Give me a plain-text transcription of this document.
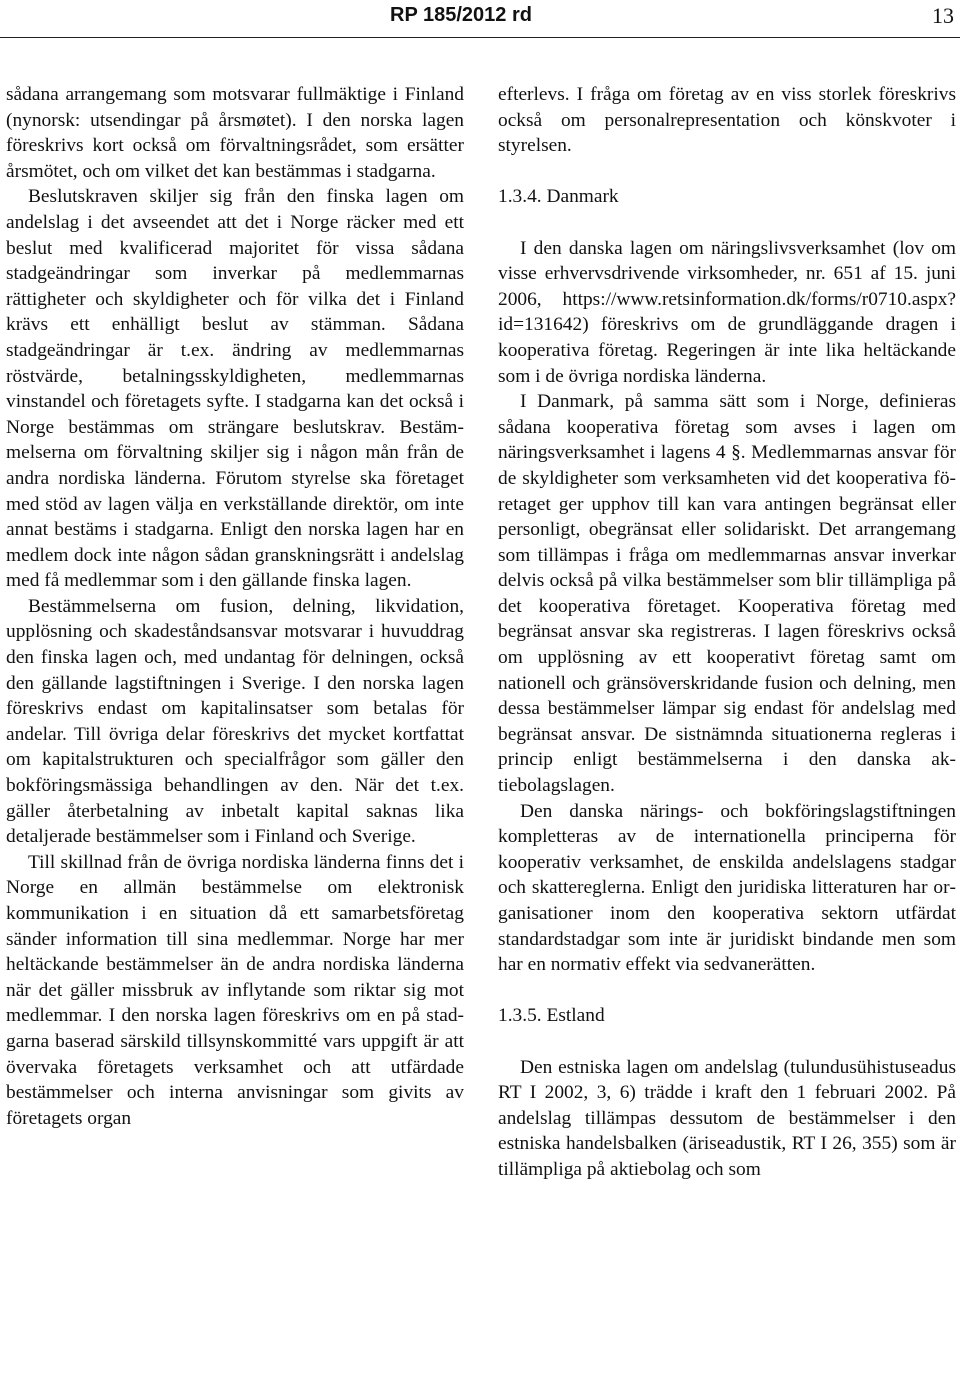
RP 185/2012 rd	13

sådana arrangemang som motsvarar fullmäktige i Finland (nynorsk: utsendingar på årsmøtet). I den norska lagen föreskrivs kort också om förvaltningsrådet, som ersätter årsmötet, och om vilket det kan bestämmas i stadgarna.

Beslutskraven skiljer sig från den finska lagen om andelslag i det avseendet att det i Norge räcker med ett beslut med kvalificerad majoritet för vissa sådana stadgeändringar som inverkar på medlemmarnas rättigheter och skyldigheter och för vilka det i Finland krävs ett enhälligt beslut av stämman. Sådana stadgeändringar är t.ex. ändring av medlemmarnas röstvärde, betalningsskyldigheten, medlemmarnas vinstandel och företagets syfte. I stadgarna kan det också i Norge bestämmas om strängare beslutskrav. Bestämmelserna om förvaltning skiljer sig i någon mån från de andra nordiska länderna. Förutom styrelse ska företaget med stöd av lagen välja en verkställande direktör, om inte annat bestäms i stadgarna. Enligt den norska lagen har en medlem dock inte någon sådan granskningsrätt i andelslag med få medlemmar som i den gällande finska lagen.

Bestämmelserna om fusion, delning, likvidation, upplösning och skadeståndsansvar motsvarar i huvuddrag den finska lagen och, med undantag för delningen, också den gällande lagstiftningen i Sverige. I den norska lagen föreskrivs endast om kapitalinsatser som betalas för andelar. Till övriga delar föreskrivs det mycket kortfattat om kapitalstrukturen och specialfrågor som gäller den bokföringsmässiga behandlingen av den. När det t.ex. gäller återbetalning av inbetalt kapital saknas lika detaljerade bestämmelser som i Finland och Sverige.

Till skillnad från de övriga nordiska länderna finns det i Norge en allmän bestämmelse om elektronisk kommunikation i en situation då ett samarbetsföretag sänder information till sina medlemmar. Norge har mer heltäckande bestämmelser än de andra nordiska länderna när det gäller missbruk av inflytande som riktar sig mot medlemmar. I den norska lagen föreskrivs om en på stadgarna baserad särskild tillsynskommitté vars uppgift är att övervaka företagets verksamhet och att utfärdade bestämmelser och interna anvisningar som givits av företagets organ

efterlevs. I fråga om företag av en viss storlek föreskrivs också om personalrepresentation och könskvoter i styrelsen.

1.3.4. Danmark

I den danska lagen om näringslivsverksamhet (lov om visse erhvervsdrivende virksomheder, nr. 651 af 15. juni 2006, https://www.retsinformation.dk/forms/r0710.aspx?id=131642) föreskrivs om de grundläggande dragen i kooperativa företag. Regeringen är inte lika heltäckande som i de övriga nordiska länderna.

I Danmark, på samma sätt som i Norge, definieras sådana kooperativa företag som avses i lagen om näringsverksamhet i lagens 4 §. Medlemmarnas ansvar för de skyldigheter som verksamheten vid det kooperativa företaget ger upphov till kan vara antingen begränsat eller personligt, obegränsat eller solidariskt. Det arrangemang som tillämpas i fråga om medlemmarnas ansvar inverkar delvis också på vilka bestämmelser som blir tillämpliga på det kooperativa företaget. Kooperativa företag med begränsat ansvar ska registreras. I lagen föreskrivs också om upplösning av ett kooperativt företag samt om nationell och gränsöverskridande fusion och delning, men dessa bestämmelser lämpar sig endast för andelslag med begränsat ansvar. De sistnämnda situationerna regleras i princip enligt bestämmelserna i den danska aktiebolagslagen.

Den danska närings- och bokföringslagstiftningen kompletteras av de internationella principerna för kooperativ verksamhet, de enskilda andelslagens stadgar och skattereglerna. Enligt den juridiska litteraturen har organisationer inom den kooperativa sektorn utfärdat standardstadgar som inte är juridiskt bindande men som har en normativ effekt via sedvanerätten.

1.3.5. Estland

Den estniska lagen om andelslag (tulundusühistuseadus RT I 2002, 3, 6) trädde i kraft den 1 februari 2002. På andelslag tillämpas dessutom de bestämmelser i den estniska handelsbalken (äriseadustik, RT I 26, 355) som är tillämpliga på aktiebolag och som
